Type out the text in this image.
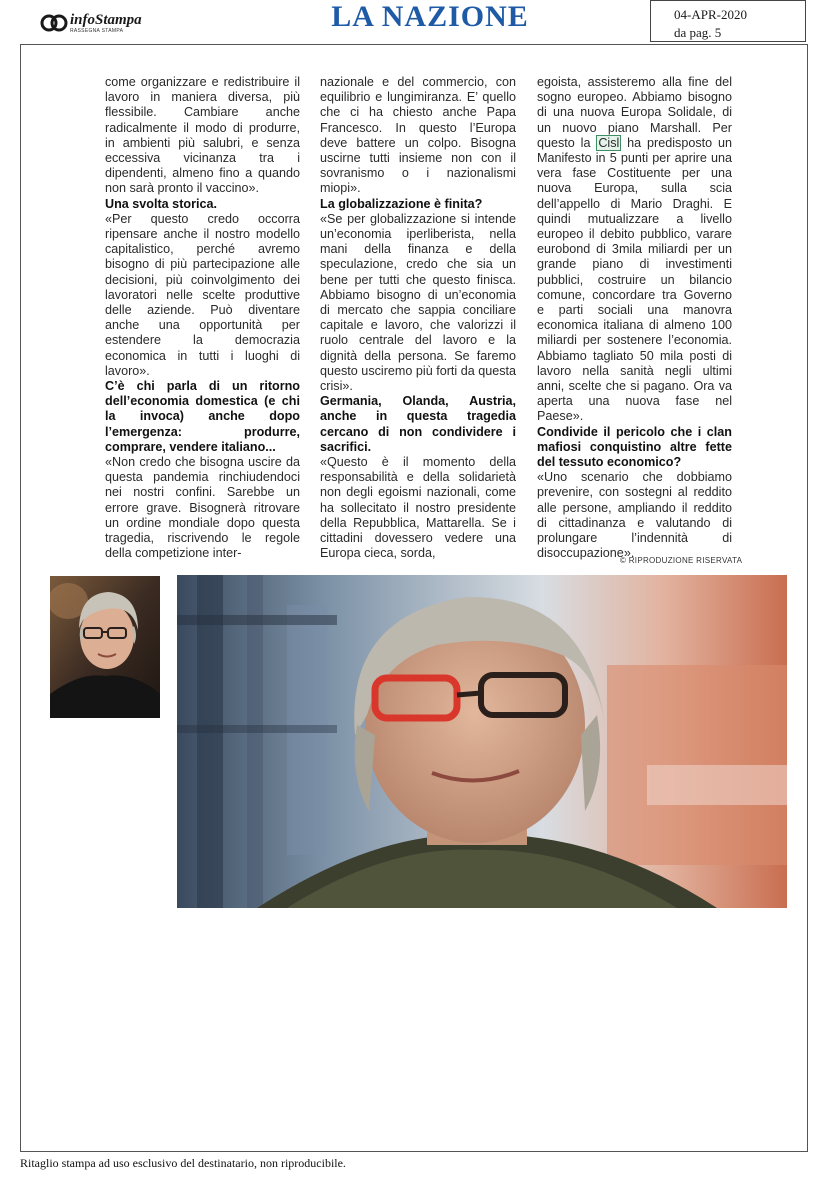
infoStampa
RASSEGNA STAMPA	LA NAZIONE	04-APR-2020
da pag. 5

come organizzare e redistribuire il lavoro in maniera diversa, più flessibile. Cambiare anche radicalmente il modo di produrre, in ambienti più salubri, e senza eccessiva vicinanza tra i dipendenti, almeno fino a quando non sarà pronto il vaccino».

Una svolta storica.

«Per questo credo occorra ripensare anche il nostro modello capitalistico, perché avremo bisogno di più partecipazione alle decisioni, più coinvolgimento dei lavoratori nelle scelte produttive delle aziende. Può diventare anche una opportunità per estendere la democrazia economica in tutti i luoghi di lavoro».

C’è chi parla di un ritorno dell’economia domestica (e chi la invoca) anche dopo l’emergenza: produrre, comprare, vendere italiano...

«Non credo che bisogna uscire da questa pandemia rinchiudendoci nei nostri confini. Sarebbe un errore grave. Bisognerà ritrovare un ordine mondiale dopo questa tragedia, riscrivendo le regole della competizione inter-

nazionale e del commercio, con equilibrio e lungimiranza. E’ quello che ci ha chiesto anche Papa Francesco. In questo l’Europa deve battere un colpo. Bisogna uscirne tutti insieme non con il sovranismo o i nazionalismi miopi».

La globalizzazione è finita?

«Se per globalizzazione si intende un’economia iperliberista, nella mani della finanza e della speculazione, credo che sia un bene per tutti che questo finisca. Abbiamo bisogno di un’economia di mercato che sappia conciliare capitale e lavoro, che valorizzi il ruolo centrale del lavoro e la dignità della persona. Se faremo questo usciremo più forti da questa crisi».

Germania, Olanda, Austria, anche in questa tragedia cercano di non condividere i sacrifici.

«Questo è il momento della responsabilità e della solidarietà non degli egoismi nazionali, come ha sollecitato il nostro presidente della Repubblica, Mattarella. Se i cittadini dovessero vedere una Europa cieca, sorda,

egoista, assisteremo alla fine del sogno europeo. Abbiamo bisogno di una nuova Europa Solidale, di un nuovo piano Marshall. Per questo la Cisl ha predisposto un Manifesto in 5 punti per aprire una vera fase Costituente per una nuova Europa, sulla scia dell’appello di Mario Draghi. E quindi mutualizzare a livello europeo il debito pubblico, varare eurobond di 3mila miliardi per un grande piano di investimenti pubblici, costruire un bilancio comune, concordare tra Governo e parti sociali una manovra economica italiana di almeno 100 miliardi per sostenere l’economia. Abbiamo tagliato 50 mila posti di lavoro nella sanità negli ultimi anni, scelte che si pagano. Ora va aperta una nuova fase nel Paese».

Condivide il pericolo che i clan mafiosi conquistino altre fette del tessuto economico?

«Uno scenario che dobbiamo prevenire, con sostegni al reddito alle persone, ampliando il reddito di cittadinanza e valutando di prolungare l’indennità di disoccupazione».

© RIPRODUZIONE RISERVATA
Ritaglio stampa ad uso esclusivo del destinatario, non riproducibile.
